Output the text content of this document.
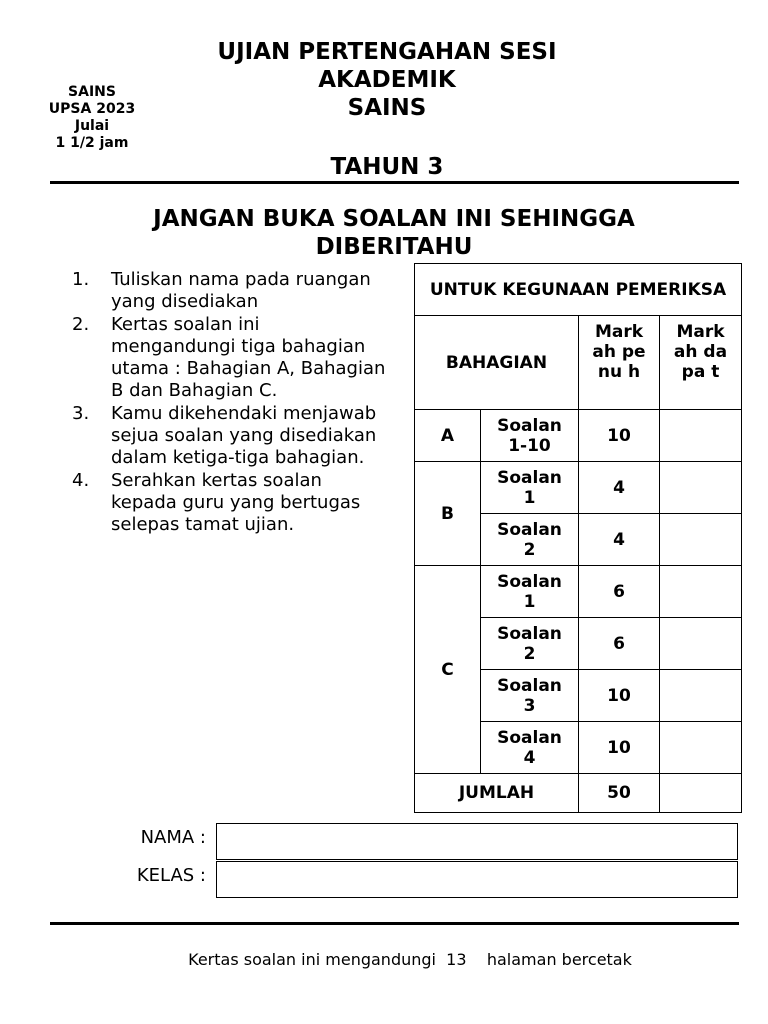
SAINS
UPSA 2023
Julai
1 1/2 jam
UJIAN PERTENGAHAN SESI
AKADEMIK
SAINS
TAHUN 3
JANGAN BUKA SOALAN INI SEHINGGA DIBERITAHU
1. Tuliskan nama pada ruangan yang disediakan
2. Kertas soalan ini mengandungi tiga bahagian utama : Bahagian A, Bahagian B dan Bahagian C.
3. Kamu dikehendaki menjawab sejua soalan yang disediakan dalam ketiga-tiga bahagian.
4. Serahkan kertas soalan kepada guru yang bertugas selepas tamat ujian.
UNTUK KEGUNAAN PEMERIKSA			
BAHAGIAN		Mark ah penu h	Mark ah dapa t

A	Soalan 1-10	10	
B	Soalan 1	4	

	Soalan 2	4	
C	Soalan 1	6	

	Soalan 2	6	

	Soalan 3	10	

	Soalan 4	10	
JUMLAH		50	
NAMA :
KELAS :
Kertas soalan ini mengandungi  13    halaman bercetak
